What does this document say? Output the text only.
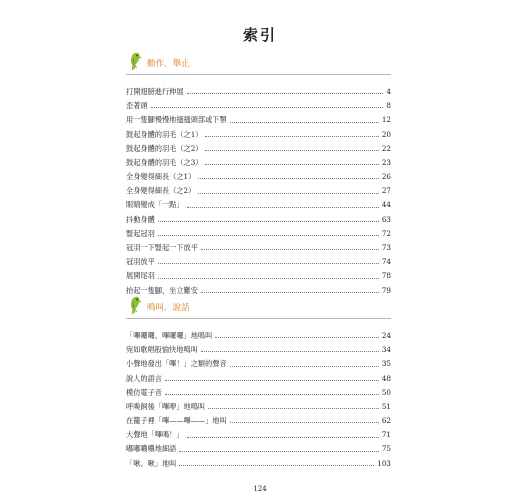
索引
動作．舉止
打開翅膀進行伸展	4
歪著頭	8
用一隻腳慢慢地搔搔頭部或下顎	12
鼓起身體的羽毛（之1）	20
鼓起身體的羽毛（之2）	22
鼓起身體的羽毛（之3）	23
全身變得細長（之1）	26
全身變得細長（之2）	27
眼睛變成「一點」	44
抖動身體	63
豎起冠羽	72
冠羽一下豎起一下放平	73
冠羽放平	74
展開尾羽	78
抬起一隻腳，坐立難安	79
鳴叫．說話
「嗶囉囉、嗶囉囉」地鳴叫	24
宛如歌唱般愉快地鳴叫	34
小聲地發出「嗶！」之類的聲音	35
說人的語言	48
模仿電子音	50
呼喚飼後「嗶咿」地鳴叫	51
在籠子裡「嗶——嗶——」地叫	62
大聲地「嗶喝！」	71
嘟嘟噥噥地細語	75
「啾、啾」地叫	103
124
